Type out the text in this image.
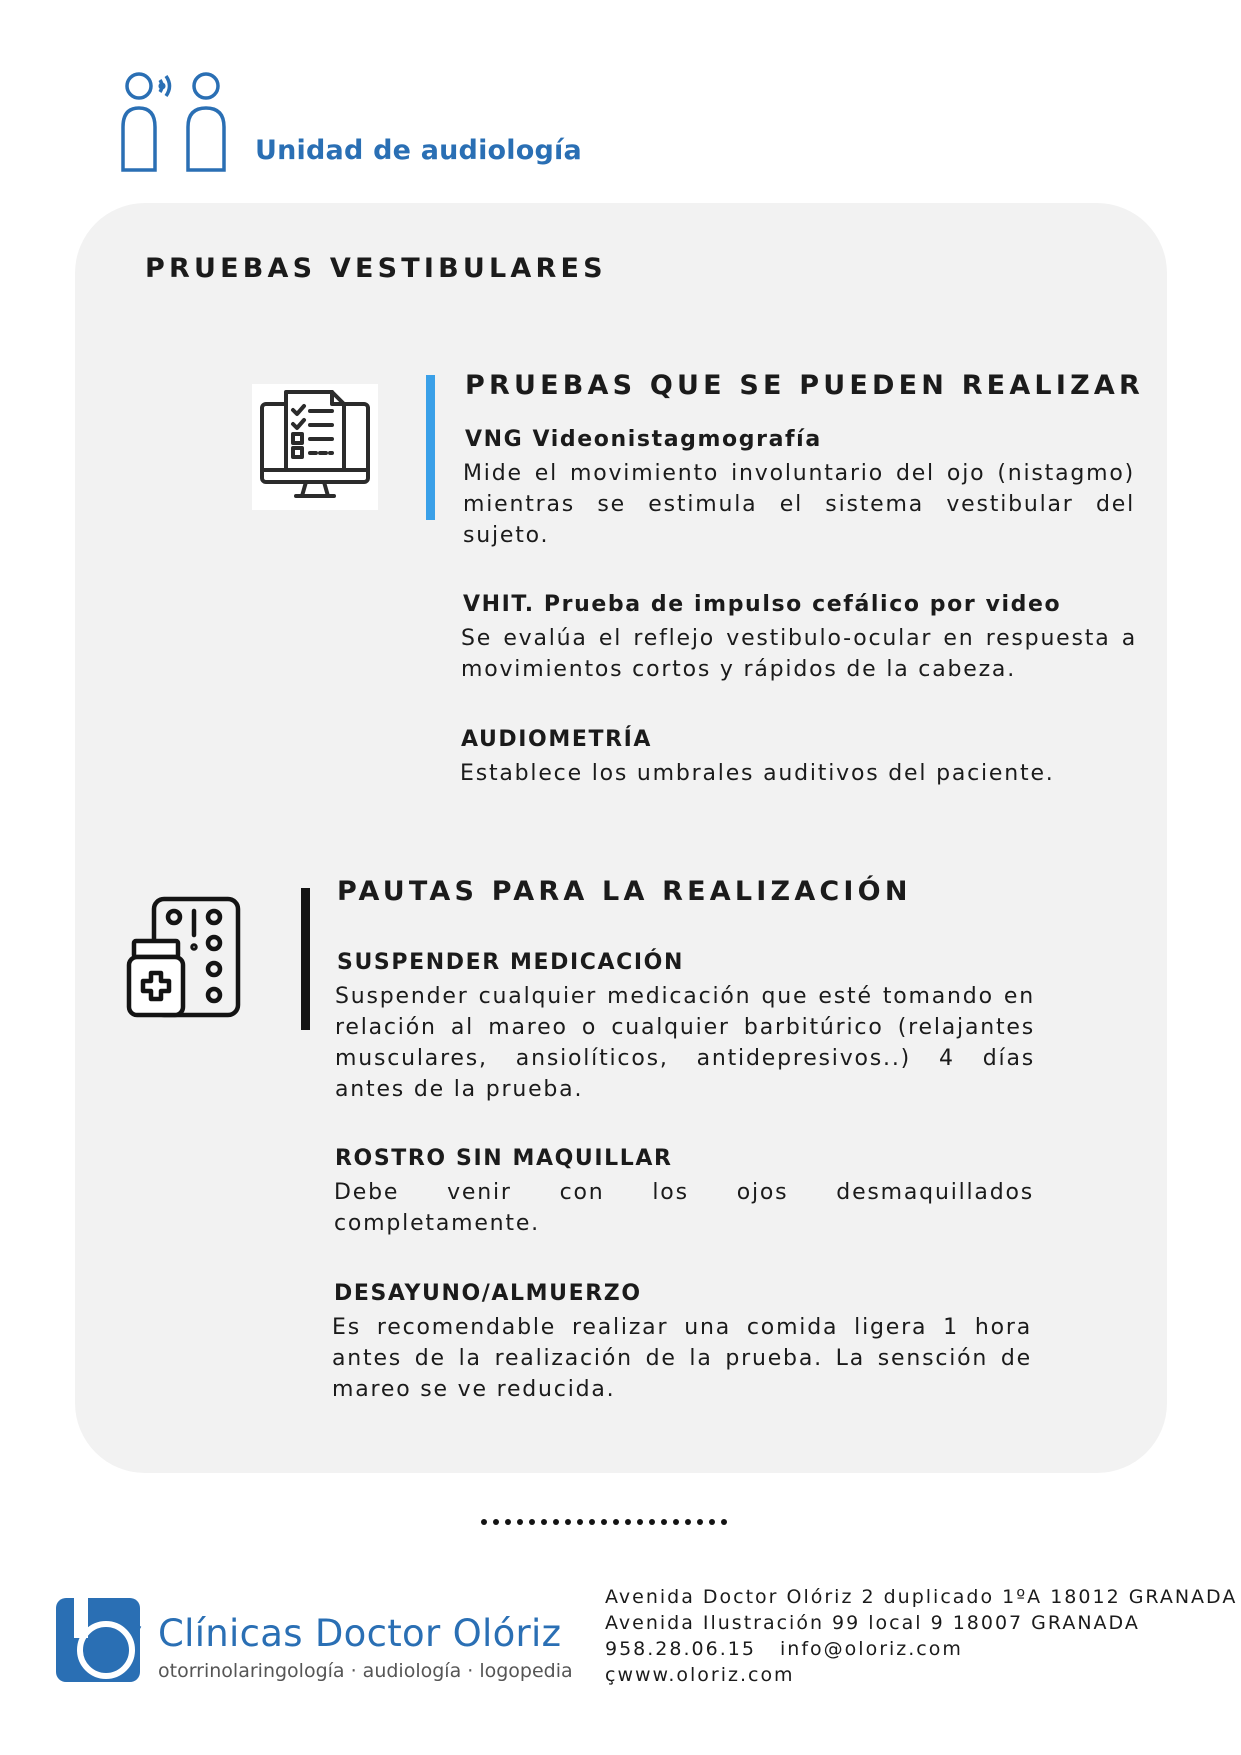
Unidad de audiología
PRUEBAS VESTIBULARES
PRUEBAS QUE SE PUEDEN REALIZAR
VNG Videonistagmografía
Mide el movimiento involuntario del ojo (nistagmo) mientras se estimula el sistema vestibular del sujeto.
VHIT. Prueba de impulso cefálico por video
Se evalúa el reflejo vestibulo-ocular en respuesta a movimientos cortos y rápidos de la cabeza.
AUDIOMETRÍA
Establece los umbrales auditivos del paciente.
PAUTAS PARA LA REALIZACIÓN
SUSPENDER MEDICACIÓN
Suspender cualquier medicación que esté tomando en relación al mareo o cualquier barbitúrico (relajantes musculares, ansiolíticos, antidepresivos..) 4 días antes de la prueba.
ROSTRO SIN MAQUILLAR
Debe venir con los ojos desmaquillados completamente.
DESAYUNO/ALMUERZO
Es recomendable realizar una comida ligera 1 hora antes de la realización de la prueba. La sensción de mareo se ve reducida.
Clínicas Doctor Olóriz
otorrinolaringología · audiología · logopedia
Avenida Doctor Olóriz 2 duplicado 1ºA 18012 GRANADA
Avenida Ilustración 99 local 9 18007 GRANADA
958.28.06.15   info@oloriz.com
çwww.oloriz.com
